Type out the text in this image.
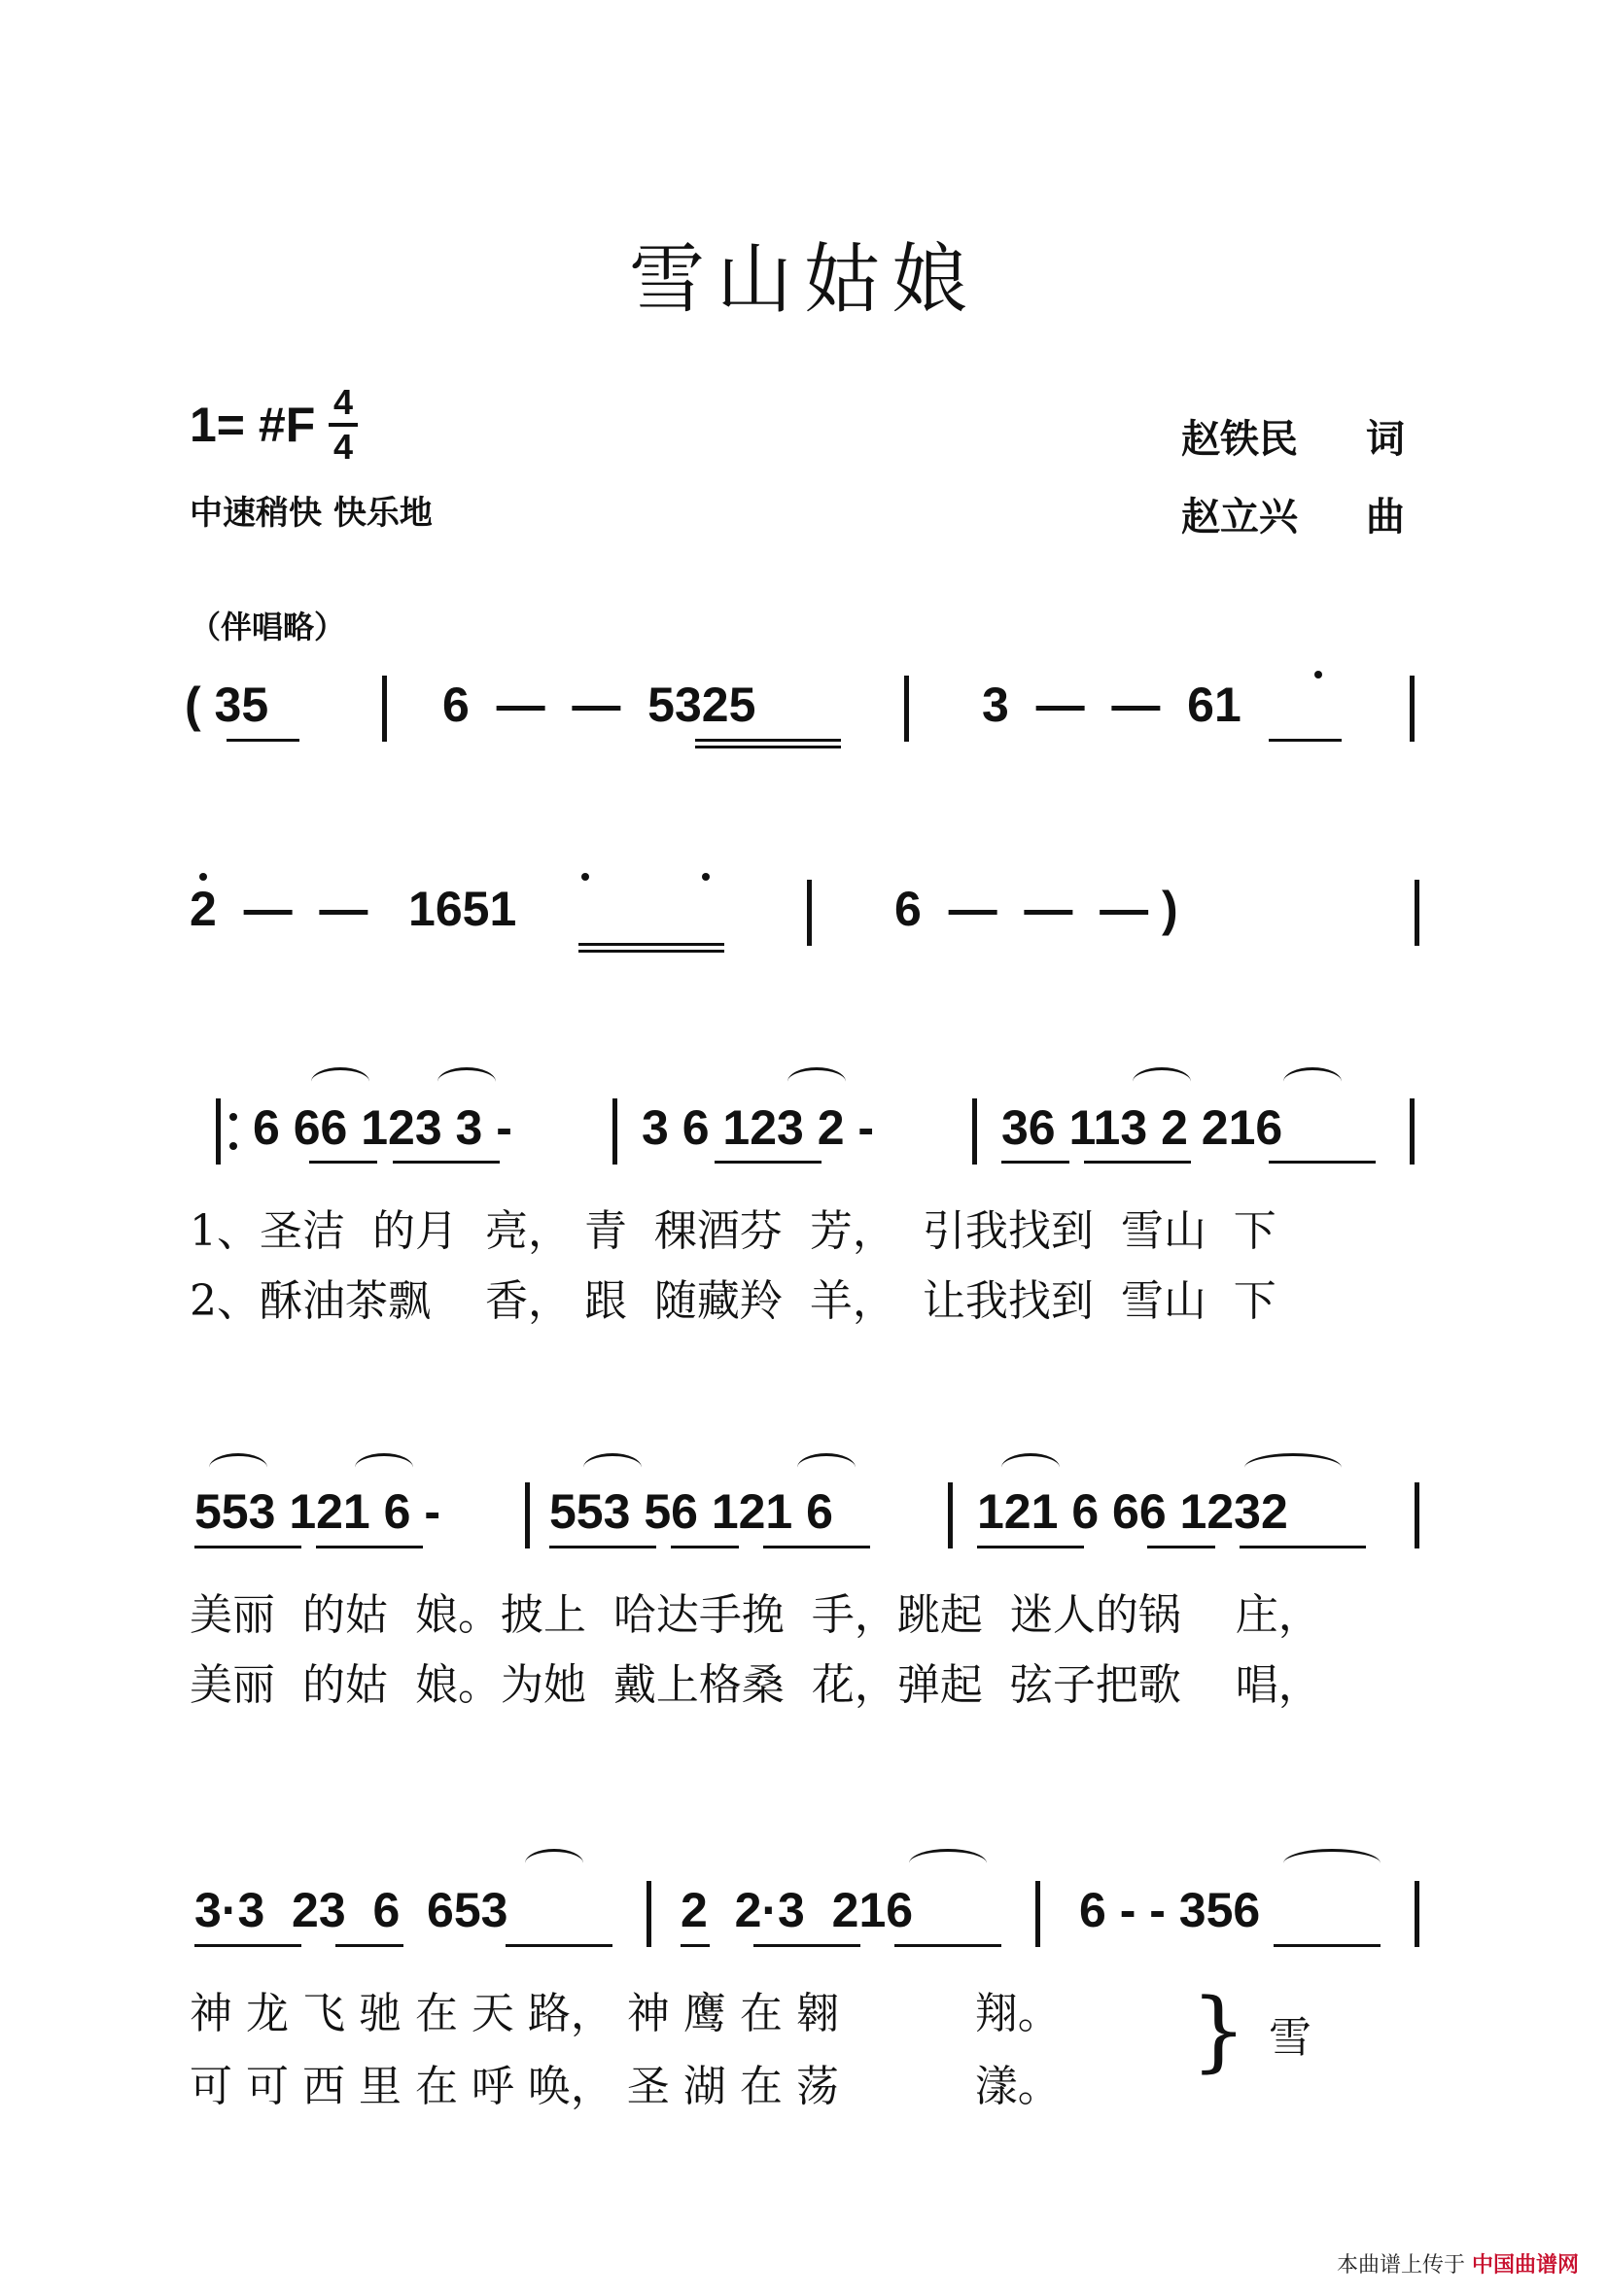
雪山姑娘
1= #F 4
4
中速稍快 快乐地
赵铁民 词
赵立兴 曲
（伴唱略）
( 35	6  —  —  5325	3  —  —  61
2  —  —   1651	6  —  —  — )
6 66 123 3 -	3 6 123 2 -	36 113 2 216
1、圣洁  的月  亮， 青  稞酒芬  芳，  引我找到  雪山  下
2、酥油茶飘    香， 跟  随藏羚  羊，  让我找到  雪山  下
553 121 6 - 553 56 121 6	121 6 66 1232
美丽  的姑  娘。披上  哈达手挽  手，跳起  迷人的锅    庄，
美丽  的姑  娘。为她  戴上格桑  花，弹起  弦子把歌    唱，
3·3  23  6  653	2  2·3  216	6 - - 356
神 龙 飞 驰 在 天 路， 神 鹰 在 翱          翔。
可 可 西 里 在 呼 唤， 圣 湖 在 荡          漾。
} 雪
本曲谱上传于 中国曲谱网
